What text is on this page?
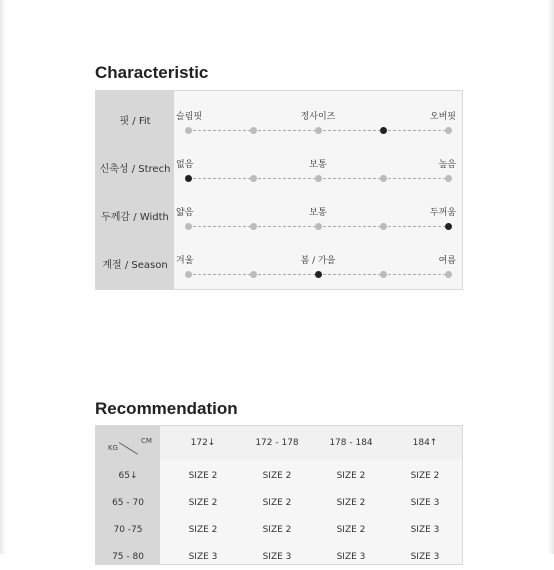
Characteristic
핏 / Fit	슬림핏	정사이즈	오버핏
신축성 / Strech 없음	보통	높음
두께감 / Width 얇음	보통	두꺼움
계절 / Season 겨울	봄 / 가을	여름
Recommendation
CM
KG	172↓	172 - 178	178 - 184	184↑
65↓	SIZE 2	SIZE 2	SIZE 2	SIZE 2
65 - 70	SIZE 2	SIZE 2	SIZE 2	SIZE 3
70 -75	SIZE 2	SIZE 2	SIZE 2	SIZE 3
75 - 80	SIZE 3	SIZE 3	SIZE 3	SIZE 3
